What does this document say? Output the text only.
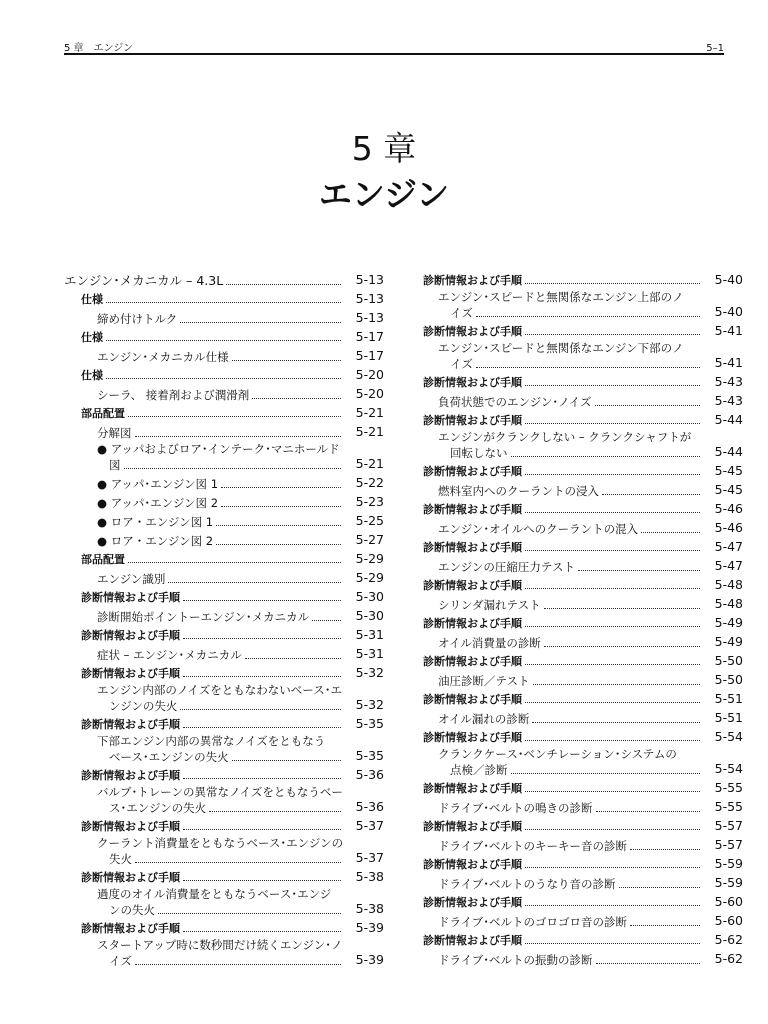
5 章　エンジン	5–1
5 章
エンジン
エンジン･メカニカル – 4.3L	5-13
仕様	5-13
締め付けトルク	5-13
仕様	5-17
エンジン･メカニカル仕様	5-17
仕様	5-20
シーラ、 接着剤および潤滑剤	5-20
部品配置	5-21
分解図	5-21
● アッパおよびロア･インテーク･マニホールド
図	5-21
● アッパ･エンジン図 1	5-22
● アッパ･エンジン図 2	5-23
● ロア・エンジン図 1	5-25
● ロア・エンジン図 2	5-27
部品配置	5-29
エンジン識別	5-29
診断情報および手順	5-30
診断開始ポイントーエンジン･メカニカル	5-30
診断情報および手順	5-31
症状 – エンジン･メカニカル	5-31
診断情報および手順	5-32
エンジン内部のノイズをともなわないベース･エ
ンジンの失火	5-32
診断情報および手順	5-35
下部エンジン内部の異常なノイズをともなう
ベース･エンジンの失火	5-35
診断情報および手順	5-36
バルブ･トレーンの異常なノイズをともなうベー
ス･エンジンの失火	5-36
診断情報および手順	5-37
クーラント消費量をともなうベース･エンジンの
失火	5-37
診断情報および手順	5-38
過度のオイル消費量をともなうベース･エンジ
ンの失火	5-38
診断情報および手順	5-39
スタートアップ時に数秒間だけ続くエンジン･ノ
イズ	5-39
診断情報および手順	5-40
エンジン･スピードと無関係なエンジン上部のノ
イズ	5-40
診断情報および手順	5-41
エンジン･スピードと無関係なエンジン下部のノ
イズ	5-41
診断情報および手順	5-43
負荷状態でのエンジン･ノイズ	5-43
診断情報および手順	5-44
エンジンがクランクしない – クランクシャフトが
回転しない	5-44
診断情報および手順	5-45
燃料室内へのクーラントの浸入	5-45
診断情報および手順	5-46
エンジン･オイルへのクーラントの混入	5-46
診断情報および手順	5-47
エンジンの圧縮圧力テスト	5-47
診断情報および手順	5-48
シリンダ漏れテスト	5-48
診断情報および手順	5-49
オイル消費量の診断	5-49
診断情報および手順	5-50
油圧診断／テスト	5-50
診断情報および手順	5-51
オイル漏れの診断	5-51
診断情報および手順	5-54
クランクケース･ベンチレーション･システムの
点検／診断	5-54
診断情報および手順	5-55
ドライブ･ベルトの鳴きの診断	5-55
診断情報および手順	5-57
ドライブ･ベルトのキーキー音の診断	5-57
診断情報および手順	5-59
ドライブ･ベルトのうなり音の診断	5-59
診断情報および手順	5-60
ドライブ･ベルトのゴロゴロ音の診断	5-60
診断情報および手順	5-62
ドライブ･ベルトの振動の診断	5-62
